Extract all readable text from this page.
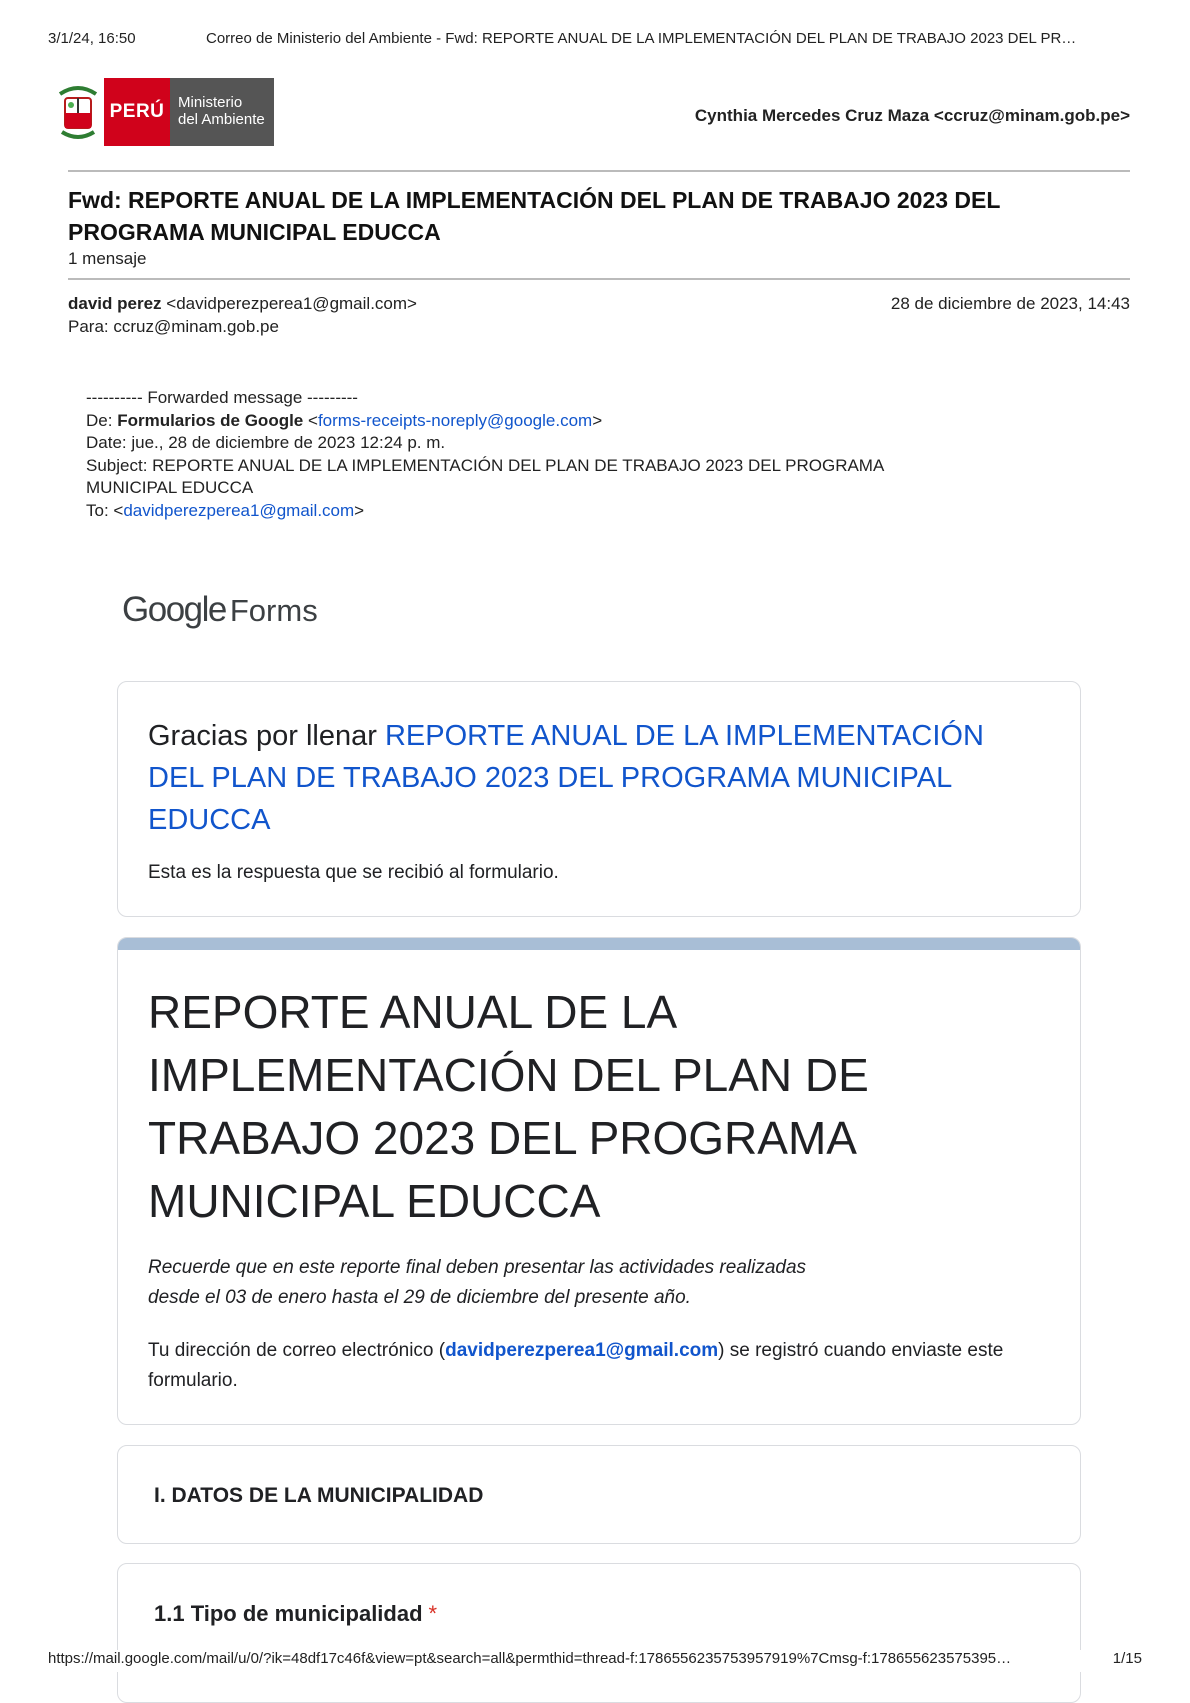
3/1/24, 16:50	Correo de Ministerio del Ambiente - Fwd: REPORTE ANUAL DE LA IMPLEMENTACIÓN DEL PLAN DE TRABAJO 2023 DEL PR…
PERÚ Ministerio
del Ambiente	Cynthia Mercedes Cruz Maza <ccruz@minam.gob.pe>
Fwd: REPORTE ANUAL DE LA IMPLEMENTACIÓN DEL PLAN DE TRABAJO 2023 DEL PROGRAMA MUNICIPAL EDUCCA
1 mensaje
david perez <davidperezperea1@gmail.com>	28 de diciembre de 2023, 14:43
Para: ccruz@minam.gob.pe
---------- Forwarded message ---------
De: Formularios de Google <forms-receipts-noreply@google.com>
Date: jue., 28 de diciembre de 2023 12:24 p. m.
Subject: REPORTE ANUAL DE LA IMPLEMENTACIÓN DEL PLAN DE TRABAJO 2023 DEL PROGRAMA
MUNICIPAL EDUCCA
To: <davidperezperea1@gmail.com>
Google Forms
Gracias por llenar REPORTE ANUAL DE LA IMPLEMENTACIÓN DEL PLAN DE TRABAJO 2023 DEL PROGRAMA MUNICIPAL EDUCCA
Esta es la respuesta que se recibió al formulario.
REPORTE ANUAL DE LA IMPLEMENTACIÓN DEL PLAN DE TRABAJO 2023 DEL PROGRAMA MUNICIPAL EDUCCA
Recuerde que en este reporte final deben presentar las actividades realizadas
desde el 03 de enero hasta el 29 de diciembre del presente año.
Tu dirección de correo electrónico (davidperezperea1@gmail.com) se registró cuando enviaste este formulario.
I. DATOS DE LA MUNICIPALIDAD
1.1 Tipo de municipalidad *
https://mail.google.com/mail/u/0/?ik=48df17c46f&view=pt&search=all&permthid=thread-f:1786556235753957919%7Cmsg-f:178655623575395…	1/15
